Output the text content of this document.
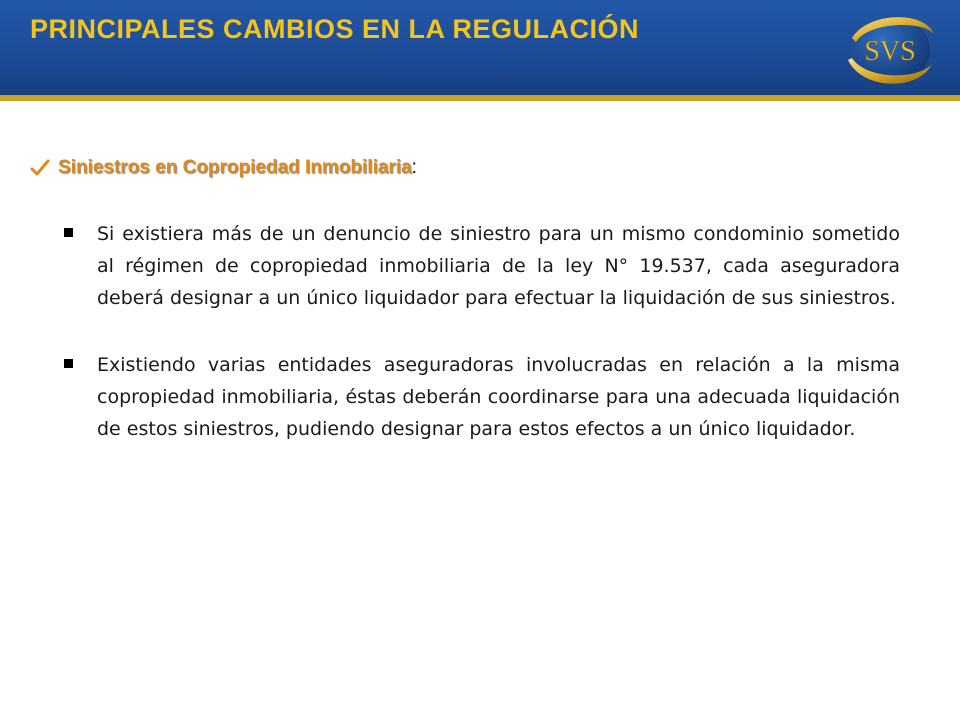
PRINCIPALES CAMBIOS EN LA REGULACIÓN
SVS
Siniestros en Copropiedad Inmobiliaria :
Si existiera más de un denuncio de siniestro para un mismo condominio sometido al régimen de copropiedad inmobiliaria de la ley N° 19.537, cada aseguradora deberá designar a un único liquidador para efectuar la liquidación de sus siniestros.
Existiendo varias entidades aseguradoras involucradas en relación a la misma copropiedad inmobiliaria, éstas deberán coordinarse para una adecuada liquidación de estos siniestros, pudiendo designar para estos efectos a un único liquidador.
